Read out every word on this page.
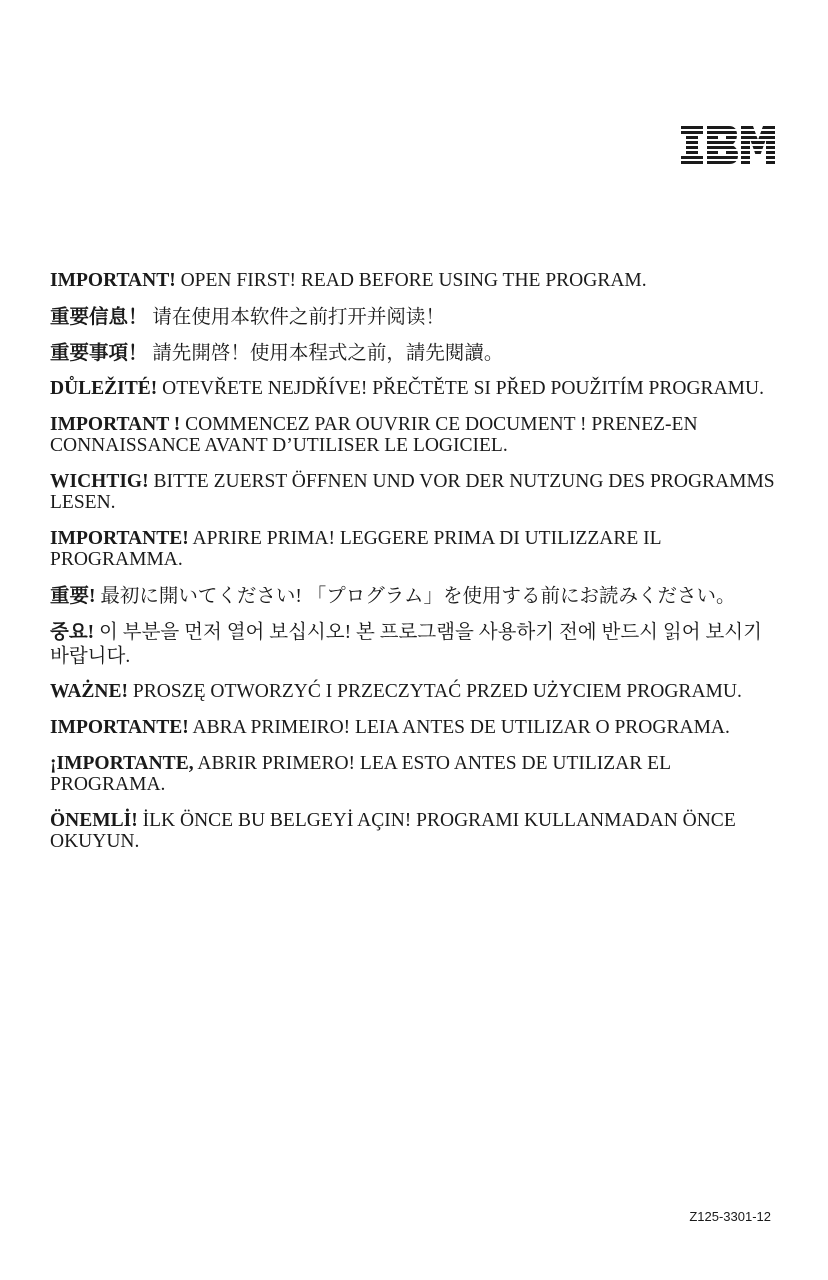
IMPORTANT! OPEN FIRST! READ BEFORE USING THE PROGRAM.

重要信息！ 请在使用本软件之前打开并阅读！

重要事項！ 請先開啓！使用本程式之前，請先閱讀。

DŮLEŽITÉ! OTEVŘETE NEJDŘÍVE! PŘEČTĚTE SI PŘED POUŽITÍM PROGRAMU.

IMPORTANT ! COMMENCEZ PAR OUVRIR CE DOCUMENT ! PRENEZ-EN CONNAISSANCE AVANT D’UTILISER LE LOGICIEL.

WICHTIG! BITTE ZUERST ÖFFNEN UND VOR DER NUTZUNG DES PROGRAMMS LESEN.

IMPORTANTE! APRIRE PRIMA! LEGGERE PRIMA DI UTILIZZARE IL PROGRAMMA.

重要! 最初に開いてください! 「プログラム」を使用する前にお読みください。

중요! 이 부분을 먼저 열어 보십시오! 본 프로그램을 사용하기 전에 반드시 읽어 보시기 바랍니다.

WAŻNE! PROSZĘ OTWORZYĆ I PRZECZYTAĆ PRZED UŻYCIEM PROGRAMU.

IMPORTANTE! ABRA PRIMEIRO! LEIA ANTES DE UTILIZAR O PROGRAMA.

¡IMPORTANTE, ABRIR PRIMERO! LEA ESTO ANTES DE UTILIZAR EL PROGRAMA.

ÖNEMLİ! İLK ÖNCE BU BELGEYİ AÇIN! PROGRAMI KULLANMADAN ÖNCE OKUYUN.

Z125-3301-12
